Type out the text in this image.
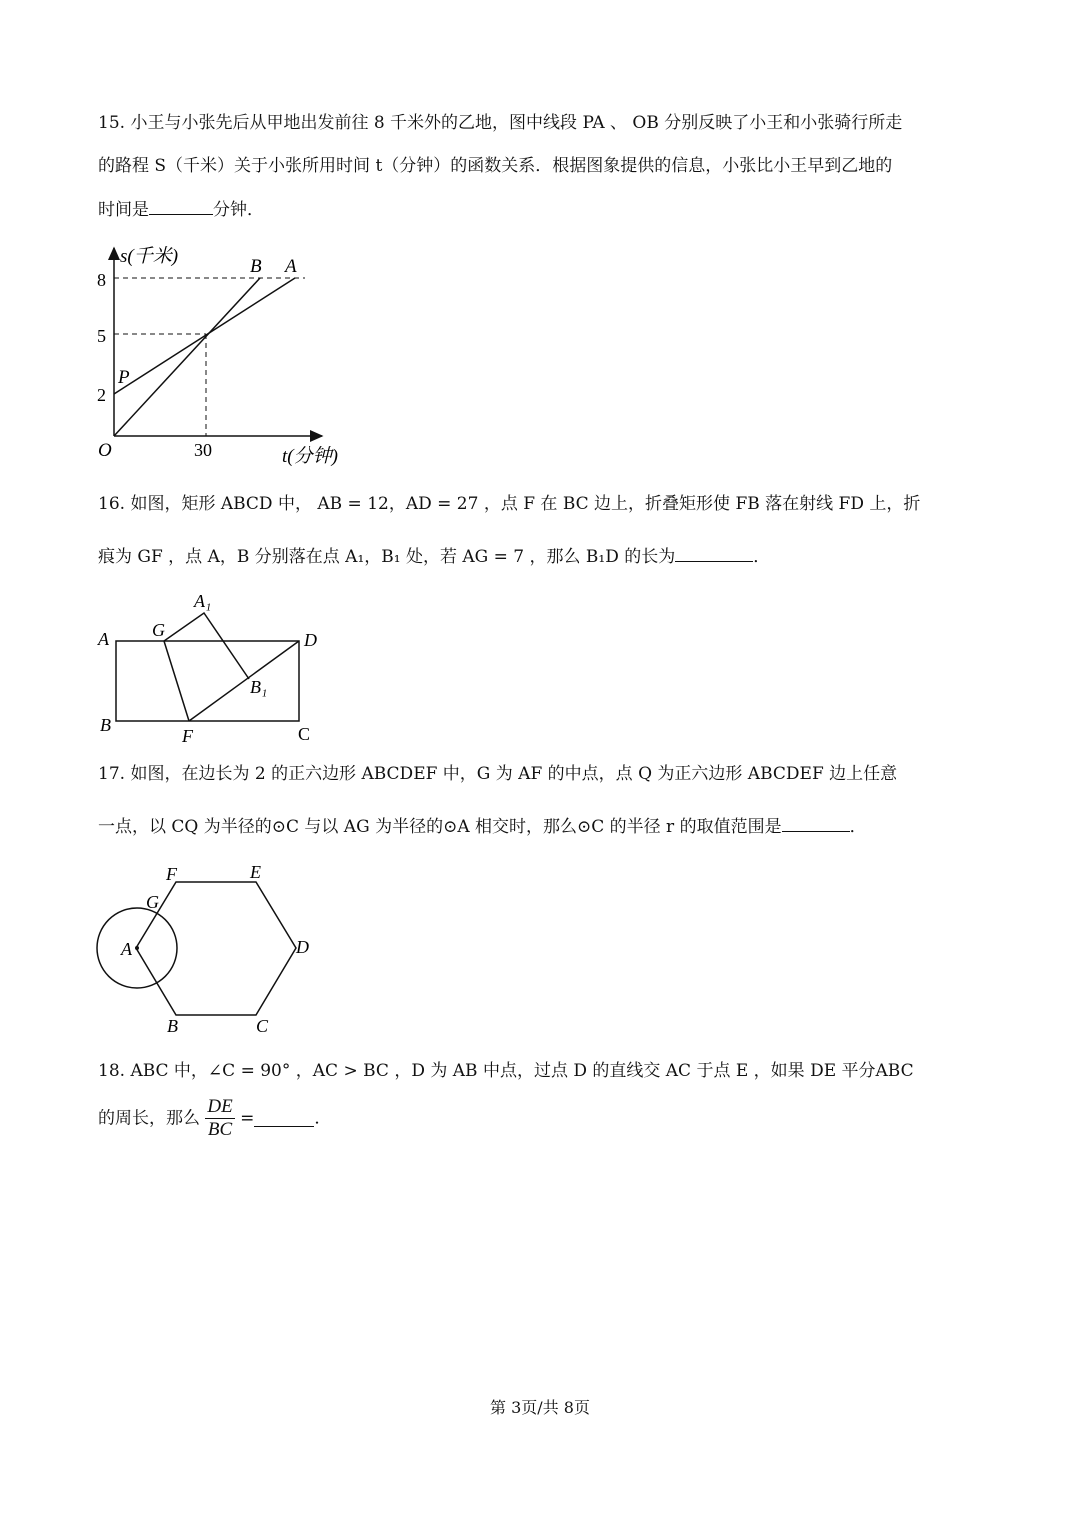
15. 小王与小张先后从甲地出发前往 8 千米外的乙地，图中线段 PA 、 OB 分别反映了小王和小张骑行所走
的路程 S（千米）关于小张所用时间 t（分钟）的函数关系．根据图象提供的信息，小张比小王早到乙地的
时间是	分钟．
s(千米)
t(分钟)
O
8
5
2
30
B A
P
16. 如图，矩形 ABCD 中， AB = 12，AD = 27 ，点 F 在 BC 边上，折叠矩形使 FB 落在射线 FD 上，折
痕为 GF ，点 A，B 分别落在点 A₁，B₁ 处，若 AG = 7 ，那么 B₁D 的长为	．
A₁
A G	D
B₁
B
F	C
17. 如图，在边长为 2 的正六边形 ABCDEF 中，G 为 AF 的中点，点 Q 为正六边形 ABCDEF 边上任意
一点，以 CQ 为半径的⊙C 与以 AG 为半径的⊙A 相交时，那么⊙C 的半径 r 的取值范围是	．
F	E
G
A	D
B	C
18. ABC 中，∠C = 90° ，AC > BC ，D 为 AB 中点，过点 D 的直线交 AC 于点 E ，如果 DE 平分ABC
的周长，那么 $\frac{DE}{BC}$ =	．
第 3页/共 8页
